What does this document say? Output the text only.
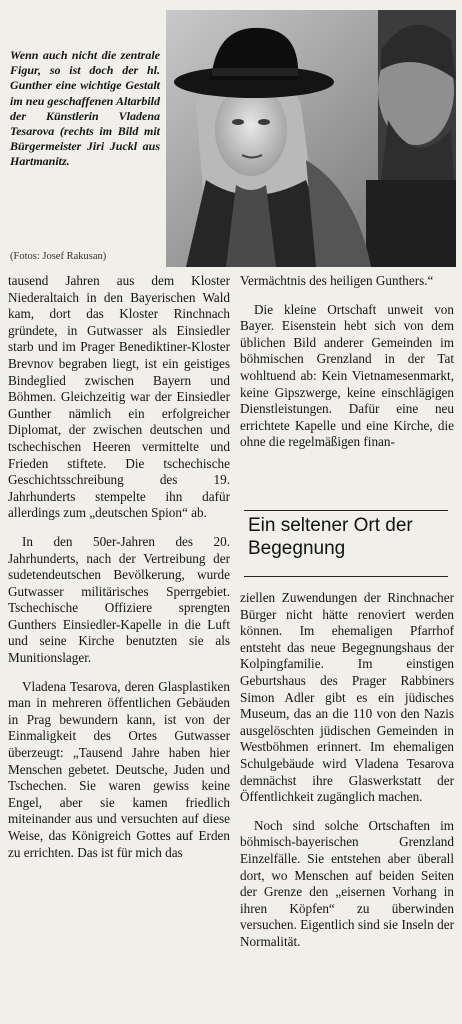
Wenn auch nicht die zentrale Figur, so ist doch der hl. Gunther eine wichtige Gestalt im neu geschaffenen Altarbild der Künstlerin Vladena Tesarova (rechts im Bild mit Bürgermeister Jiri Juckl aus Hartmanitz.
(Fotos: Josef Rakusan)

tausend Jahren aus dem Kloster Niederaltaich in den Bayerischen Wald kam, dort das Kloster Rinchnach gründete, in Gutwasser als Einsiedler starb und im Prager Benediktiner-Kloster Brevnov begraben liegt, ist ein geistiges Bindeglied zwischen Bayern und Böhmen. Gleichzeitig war der Einsiedler Gunther nämlich ein erfolgreicher Diplomat, der zwischen deutschen und tschechischen Heeren vermittelte und Frieden stiftete. Die tschechische Geschichtsschreibung des 19. Jahrhunderts stempelte ihn dafür allerdings zum „deutschen Spion“ ab.

In den 50er-Jahren des 20. Jahrhunderts, nach der Vertreibung der sudetendeutschen Bevölkerung, wurde Gutwasser militärisches Sperrgebiet. Tschechische Offiziere sprengten Gunthers Einsiedler-Kapelle in die Luft und seine Kirche benutzten sie als Munitionslager.

Vladena Tesarova, deren Glasplastiken man in mehreren öffentlichen Gebäuden in Prag bewundern kann, ist von der Einmaligkeit des Ortes Gutwasser überzeugt: „Tausend Jahre haben hier Menschen gebetet. Deutsche, Juden und Tschechen. Sie waren gewiss keine Engel, aber sie kamen friedlich miteinander aus und versuchten auf diese Weise, das Königreich Gottes auf Erden zu errichten. Das ist für mich das

Vermächtnis des heiligen Gunthers.“

Die kleine Ortschaft unweit von Bayer. Eisenstein hebt sich von dem üblichen Bild anderer Gemeinden im böhmischen Grenzland in der Tat wohltuend ab: Kein Vietnamesenmarkt, keine Gipszwerge, keine einschlägigen Dienstleistungen. Dafür eine neu errichtete Kapelle und eine Kirche, die ohne die regelmäßigen finan-

Ein seltener Ort der Begegnung

ziellen Zuwendungen der Rinchnacher Bürger nicht hätte renoviert werden können. Im ehemaligen Pfarrhof entsteht das neue Begegnungshaus der Kolpingfamilie. Im einstigen Geburtshaus des Prager Rabbiners Simon Adler gibt es ein jüdisches Museum, das an die 110 von den Nazis ausgelöschten jüdischen Gemeinden in Westböhmen erinnert. Im ehemaligen Schulgebäude wird Vladena Tesarova demnächst ihre Glaswerkstatt der Öffentlichkeit zugänglich machen.

Noch sind solche Ortschaften im böhmisch-bayerischen Grenzland Einzelfälle. Sie entstehen aber überall dort, wo Menschen auf beiden Seiten der Grenze den „eisernen Vorhang in ihren Köpfen“ zu überwinden versuchen. Eigentlich sind sie Inseln der Normalität.
